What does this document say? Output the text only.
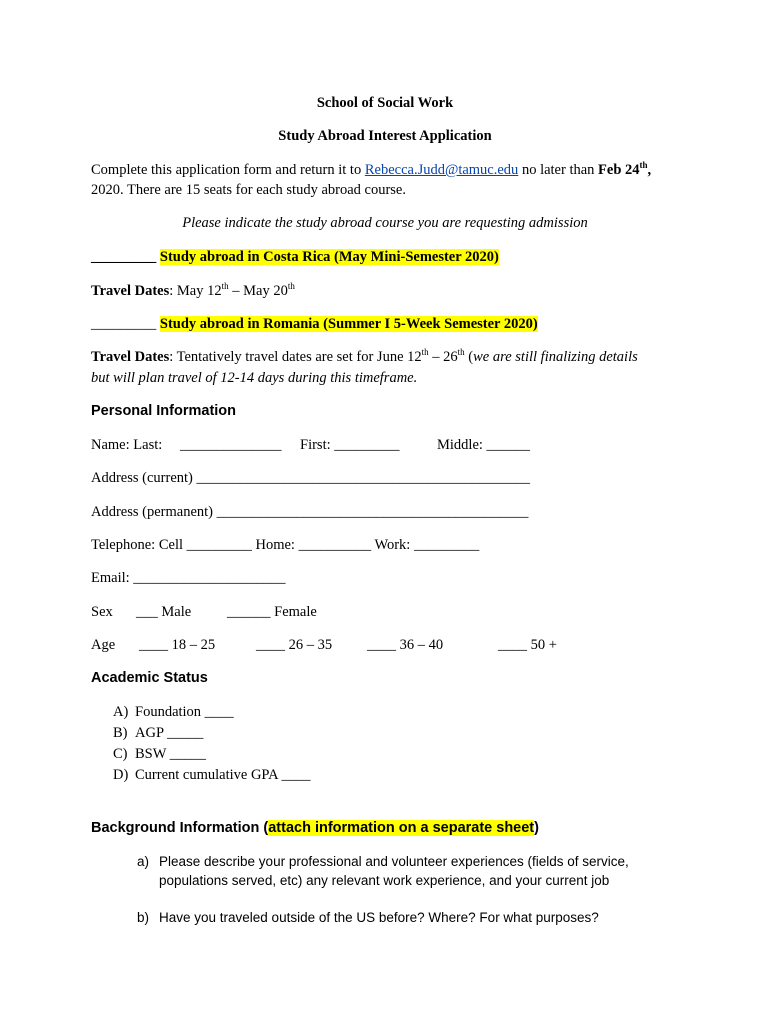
School of Social Work
Study Abroad Interest Application
Complete this application form and return it to Rebecca.Judd@tamuc.edu no later than Feb 24th,
2020. There are 15 seats for each study abroad course.
Please indicate the study abroad course you are requesting admission
_________ Study abroad in Costa Rica (May Mini-Semester 2020)
Travel Dates: May 12th – May 20th
_________ Study abroad in Romania (Summer I 5-Week Semester 2020)
Travel Dates: Tentatively travel dates are set for June 12th – 26th (we are still finalizing details
but will plan travel of 12-14 days during this timeframe.
Personal Information
Name: Last: ______________ First: _________	Middle: ______
Address (current) ______________________________________________
Address (permanent) ___________________________________________
Telephone: Cell _________ Home: __________ Work: _________
Email: _____________________
Sex ___ Male ______ Female
Age ____ 18 – 25	____ 26 – 35 ____ 36 – 40	____ 50 +
Academic Status
A) Foundation ____
B) AGP _____
C) BSW _____
D) Current cumulative GPA ____
Background Information (attach information on a separate sheet)
a) Please describe your professional and volunteer experiences (fields of service,
populations served, etc) any relevant work experience, and your current job
b) Have you traveled outside of the US before? Where? For what purposes?
